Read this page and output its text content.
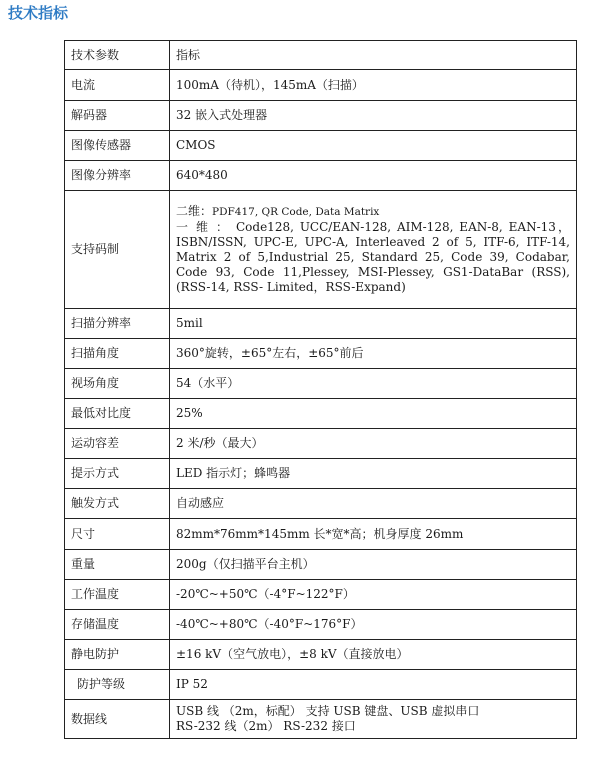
技术指标
技术参数	指标
电流	100mA（待机），145mA（扫描）
解码器	32 嵌入式处理器
图像传感器	CMOS
图像分辨率	640*480
支持码制	二维：PDF417, QR Code, Data Matrix
一 维 ： Code128, UCC/EAN-128, AIM-128, EAN-8, EAN-13，ISBN/ISSN, UPC-E, UPC-A, Interleaved 2 of 5, ITF-6, ITF-14, Matrix 2 of 5,Industrial 25, Standard 25, Code 39, Codabar, Code 93, Code 11,Plessey, MSI-Plessey, GS1-DataBar (RSS), (RSS-14, RSS- Limited，RSS-Expand)

扫描分辨率	5mil
扫描角度	360°旋转，±65°左右，±65°前后
视场角度	54（水平）
最低对比度	25%
运动容差	2 米/秒（最大）
提示方式	LED 指示灯；蜂鸣器
触发方式	自动感应
尺寸	82mm*76mm*145mm 长*宽*高；机身厚度 26mm
重量	200g（仅扫描平台主机）
工作温度	-20℃~+50℃（-4°F~122°F）
存储温度	-40℃~+80℃（-40°F~176°F）
静电防护	±16 kV（空气放电），±8 kV（直接放电）
防护等级	IP 52
数据线	USB 线 （2m，标配） 支持 USB 键盘、USB 虚拟串口
RS-232 线（2m） RS-232 接口
